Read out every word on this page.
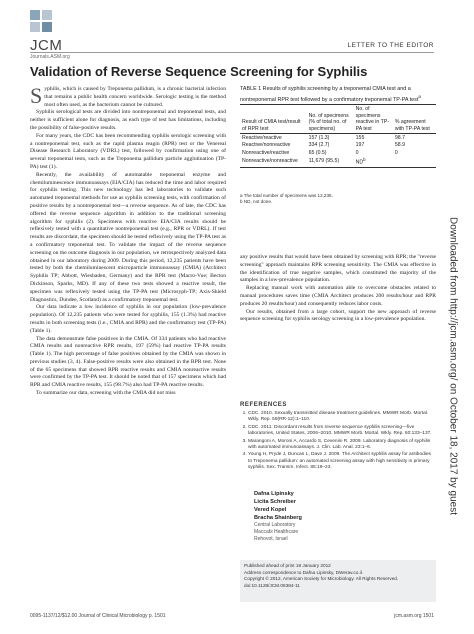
JCM
Journals.ASM.org
LETTER TO THE EDITOR
Validation of Reverse Sequence Screening for Syphilis

Syphilis, which is caused by Treponema pallidum, is a chronic bacterial infection that remains a public health concern worldwide. Serologic testing is the method most often used, as the bacterium cannot be cultured.

Syphilis serological tests are divided into nontreponemal and treponemal tests, and neither is sufficient alone for diagnosis, as each type of test has limitations, including the possibility of false-positive results.

For many years, the CDC has been recommending syphilis serologic screening with a nontreponemal test, such as the rapid plasma reagin (RPR) test or the Venereal Disease Research Laboratory (VDRL) test, followed by confirmation using one of several treponemal tests, such as the Treponema pallidum particle agglutination (TP-PA) test (1).

Recently, the availability of automatable treponemal enzyme and chemiluminescence immunoassays (EIA/CIA) has reduced the time and labor required for syphilis testing. This new technology has led laboratories to validate such automated treponemal methods for use as syphilis screening tests, with confirmation of positive results by a nontreponemal test—a reverse sequence. As of late, the CDC has offered the reverse sequence algorithm in addition to the traditional screening algorithm for syphilis (2). Specimens with reactive EIA/CIA results should be reflexively tested with a quantitative nontreponemal test (e.g., RPR or VDRL). If test results are discordant, the specimen should be tested reflexively using the TP-PA test as a confirmatory treponemal test. To validate the impact of the reverse sequence screening on the outcome diagnosis in our population, we retrospectively analyzed data obtained in our laboratory during 2009. During this period, 12,235 patients have been tested by both the chemiluminescent microparticle immunoassay (CMIA) (Architect Syphilis TP; Abbott, Wiesbaden, Germany) and the RPR test (Macro-Vue; Becton Dickinson, Sparks, MD). If any of these two tests showed a reactive result, the specimen was reflexively tested using the TP-PA test (Microsyph-TP; Axis-Shield Diagnostics, Dundee, Scotland) as a confirmatory treponemal test.

Our data indicate a low incidence of syphilis in our population (low-prevalence population). Of 12,235 patients who were tested for syphilis, 155 (1.3%) had reactive results in both screening tests (i.e., CMIA and RPR) and the confirmatory test (TP-PA) (Table 1).

The data demonstrate false positives in the CMIA. Of 334 patients who had reactive CMIA results and nonreactive RPR results, 197 (59%) had reactive TP-PA results (Table 1). The high percentage of false positives obtained by the CMIA was shown in previous studies (3, 4). False-positive results were also obtained in the RPR test. None of the 65 specimens that showed RPR reactive results and CMIA nonreactive results were confirmed by the TP-PA test. It should be noted that of 157 specimens which had RPR and CMIA reactive results, 155 (98.7%) also had TP-PA reactive results.

To summarize our data, screening with the CMIA did not miss

TABLE 1 Results of syphilis screening by a treponemal CMIA test and a nontreponemal RPR test followed by a confirmatory treponemal TP-PA test$^a$
Result of CMIA test/result of RPR test	No. of specimens (% of total no. of specimens)	No. of specimens reactive in TP-PA test	% agreement with TP-PA test
Reactive/reactive	157 (1.3)	155	98.7
Reactive/nonreactive	334 (2.7)	197	58.9
Nonreactive/reactive	65 (0.5)	0	0
Nonreactive/nonreactive	11,679 (95.5)	$ND^b$	
a The total number of specimens was 12,235.
b ND, not done.

any positive results that would have been obtained by screening with RPR; the "reverse screening" approach maintains RPR screening sensitivity. The CMIA was effective in the identification of true negative samples, which constituted the majority of the samples in a low-prevalence population.

Replacing manual work with automation able to overcome obstacles related to manual procedures saves time (CMIA Architect produces 200 results/hour and RPR produces 20 results/hour) and consequently reduces labor costs.

Our results, obtained from a large cohort, support the new approach of reverse sequence screening for syphilis serology screening in a low-prevalence population.

REFERENCES
1. CDC. 2010. Sexually transmitted disease treatment guidelines. MMWR Morb. Mortal. Wkly. Rep. 59(RR-12):1–110.
2. CDC. 2011. Discordant results from reverse sequence syphilis screening—five laboratories, United States, 2006–2010. MMWR Morb. Mortal. Wkly. Rep. 60:133–137.
3. Marangoni A, Moroni A, Accardo S, Cevenini R. 2009. Laboratory diagnosis of syphilis with automated immunoassays. J. Clin. Lab. Anal. 23:1–6.
4. Young H, Pryde J, Duncan L, Dave J. 2009. The Architect syphilis assay for antibodies to Treponema pallidum: an automated screening assay with high sensitivity in primary syphilis. Sex. Transm. Infect. 85:19–23.
Dafna Lipinsky
Licita Schreiber
Vered Kopel
Bracha Shainberg
Central Laboratory
Maccabi Healthcare
Rehovot, Israel
Published ahead of print 18 January 2012
Address correspondence to Dafna Lipinsky, DWerav.co.il.
Copyright © 2012, American Society for Microbiology. All Rights Reserved.
doi:10.1128/JCM.06384-11
Downloaded from http://jcm.asm.org/ on October 18, 2017 by guest
0095-1137/12/$12.00 Journal of Clinical Microbiology p. 1501	jcm.asm.org 1501
